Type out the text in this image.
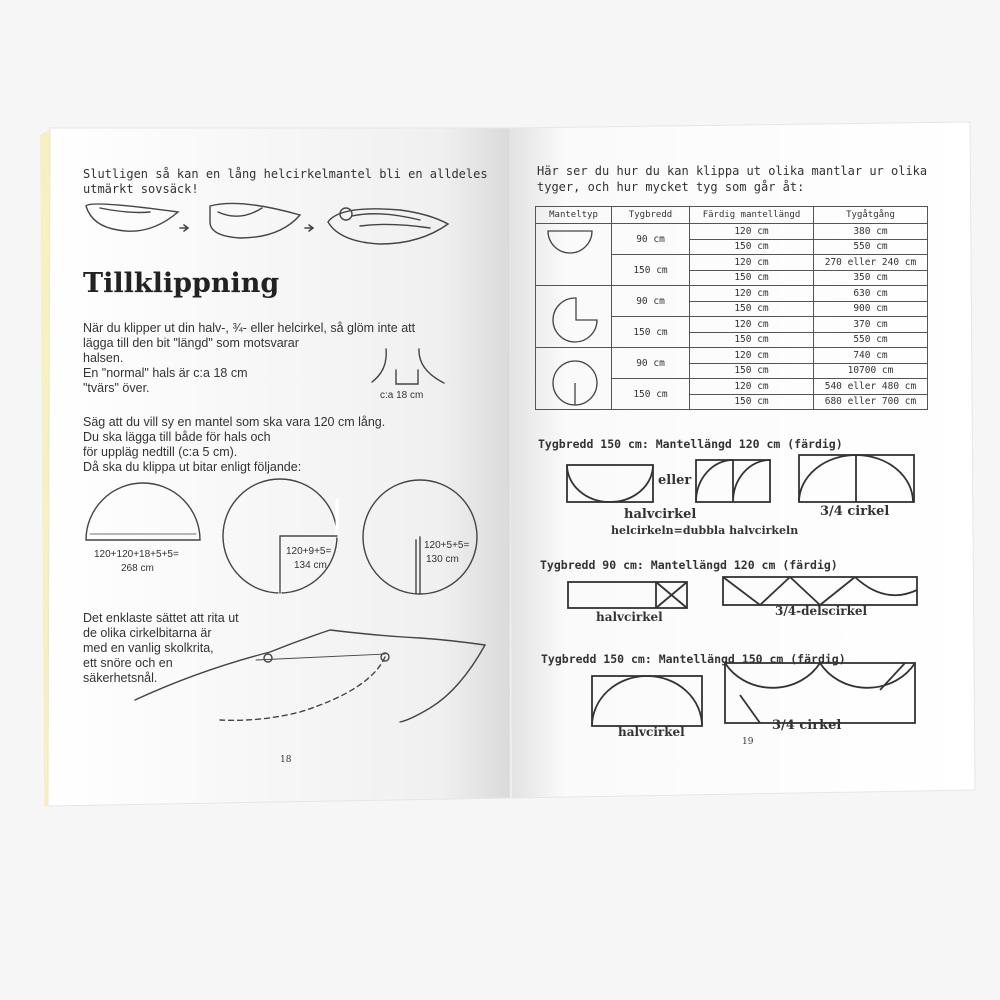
Slutligen så kan en lång helcirkelmantel bli en alldeles
utmärkt sovsäck!
Tillklippning
När du klipper ut din halv-, ¾- eller helcirkel, så glöm inte att
lägga till den bit "längd" som motsvarar
halsen.
En "normal" hals är c:a 18 cm
"tvärs" över.
c:a 18 cm
Säg att du vill sy en mantel som ska vara 120 cm lång.
Du ska lägga till både för hals och
för uppläg nedtill (c:a 5 cm).
Då ska du klippa ut bitar enligt följande:
120+120+18+5+5=
268 cm
120+9+5=
134 cm
120+5+5=
130 cm
Det enklaste sättet att rita ut
de olika cirkelbitarna är
med en vanlig skolkrita,
ett snöre och en
säkerhetsnål.
18
Här ser du hur du kan klippa ut olika mantlar ur olika
tyger, och hur mycket tyg som går åt:
Manteltyp	Tygbredd	Färdig mantellängd	Tygåtgång
	90 cm	120 cm	380 cm
		150 cm	550 cm
	150 cm	120 cm	270 eller 240 cm
		150 cm	350 cm
	90 cm	120 cm	630 cm
		150 cm	900 cm
	150 cm	120 cm	370 cm
		150 cm	550 cm
	90 cm	120 cm	740 cm
		150 cm	10700 cm
	150 cm	120 cm	540 eller 480 cm
		150 cm	680 eller 700 cm
Tygbredd 150 cm: Mantellängd 120 cm (färdig)
eller
halvcirkel	3/4 cirkel
helcirkeln=dubbla halvcirkeln
Tygbredd 90 cm: Mantellängd 120 cm (färdig)
halvcirkel	3/4-delscirkel
Tygbredd 150 cm: Mantellängd 150 cm (färdig)
halvcirkel	3/4 cirkel
19
